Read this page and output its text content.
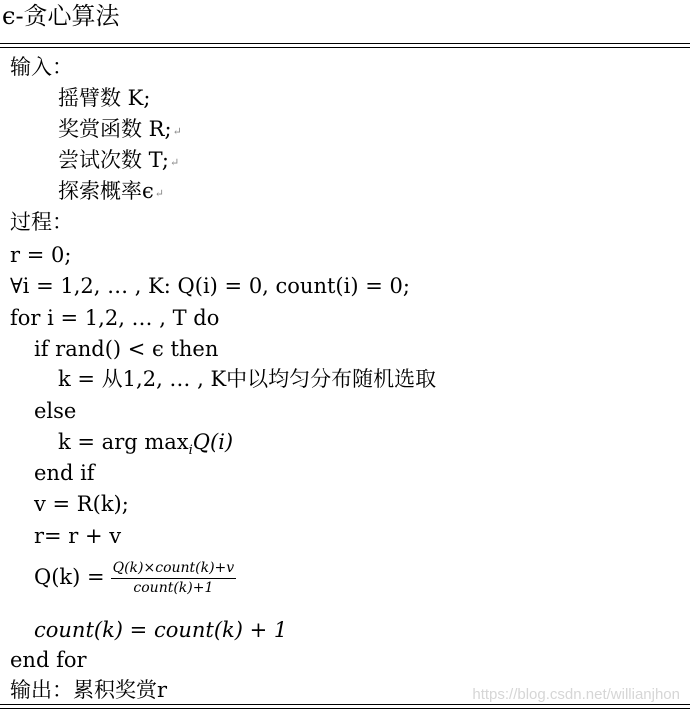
ϵ-贪心算法
输入：
摇臂数 K;
奖赏函数 R;↵
尝试次数 T;↵
探索概率ϵ↵
过程：
r = 0;
∀i = 1,2, … , K: Q(i) = 0, count(i) = 0;
for i = 1,2, … , T do
if rand() < ϵ then
k = 从1,2, … , K中以均匀分布随机选取
else
k = arg $\max_iQ(i)$
end if
v = R(k);
r= r + v
$Q(k) = \frac{\text{Q(k)×count(k)+v}}{\text{count(k)+1}}$
count(k) = count(k) + 1
end for
输出：累积奖赏r	https://blog.csdn.net/willianjhon
